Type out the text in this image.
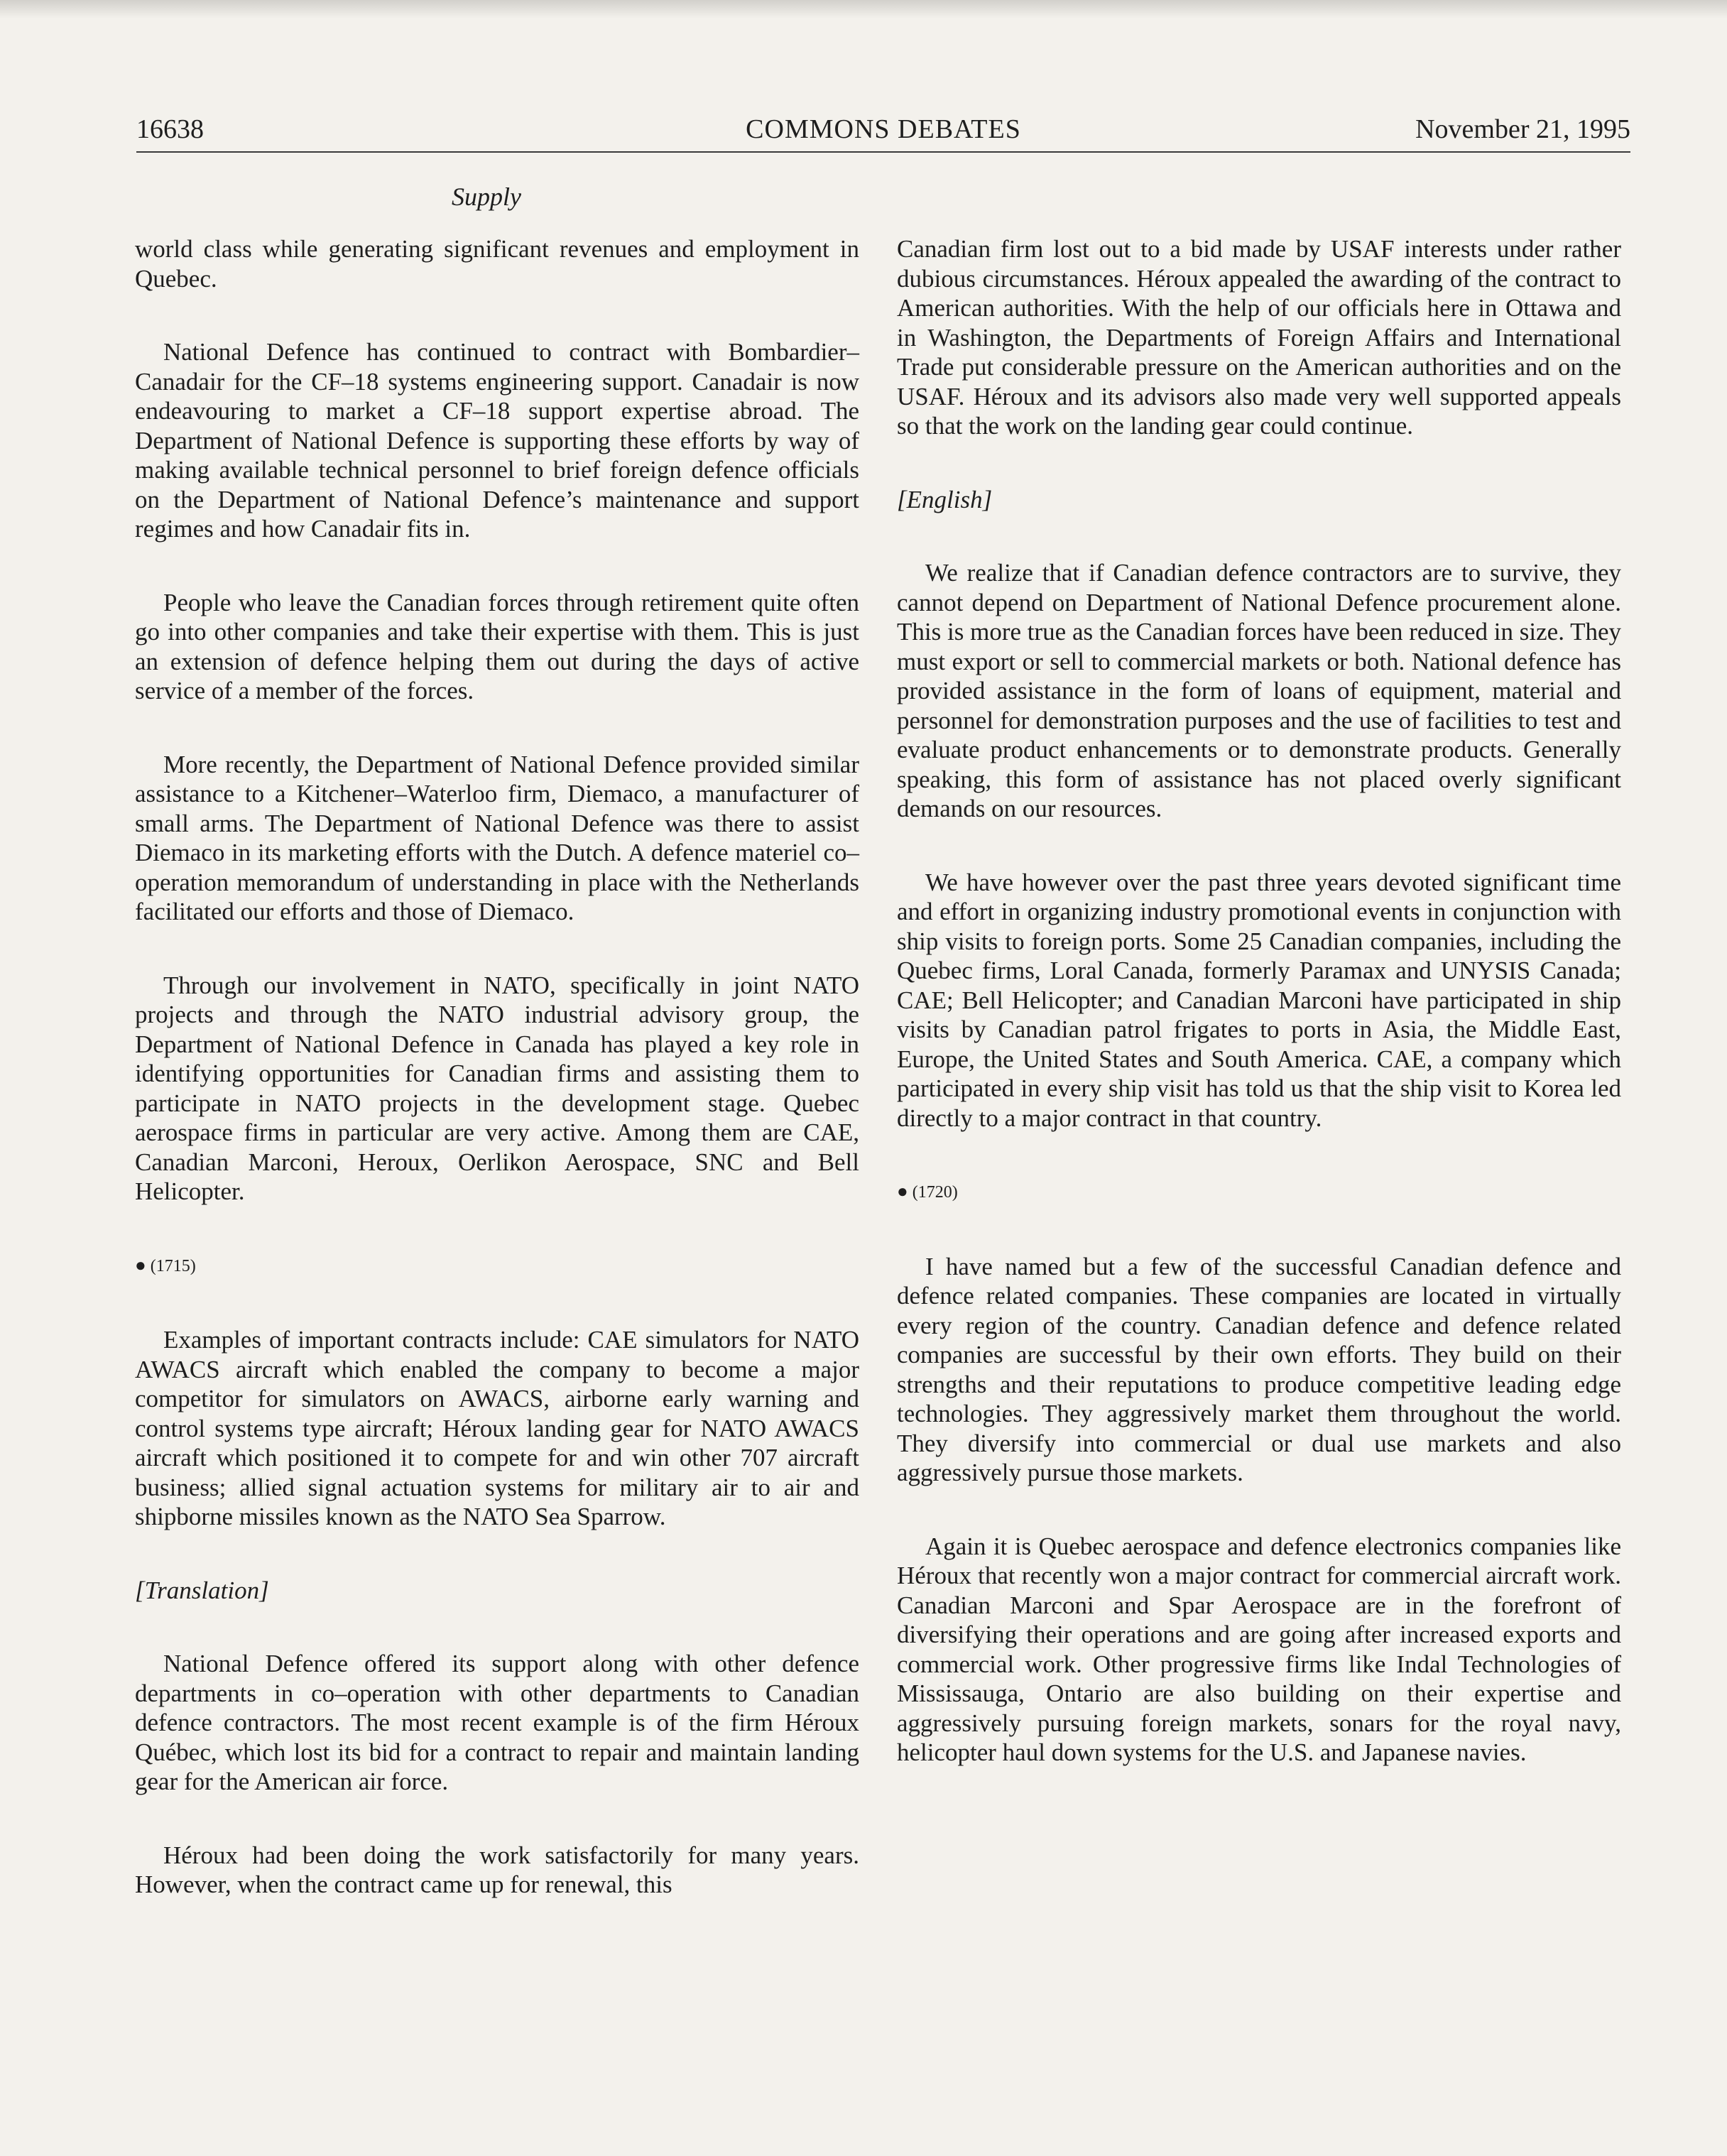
COMMONS DEBATES
16638	November 21, 1995
Supply

world class while generating significant revenues and employment in Quebec.

National Defence has continued to contract with Bombardier–Canadair for the CF–18 systems engineering support. Canadair is now endeavouring to market a CF–18 support expertise abroad. The Department of National Defence is supporting these efforts by way of making available technical personnel to brief foreign defence officials on the Department of National Defence’s maintenance and support regimes and how Canadair fits in.

People who leave the Canadian forces through retirement quite often go into other companies and take their expertise with them. This is just an extension of defence helping them out during the days of active service of a member of the forces.

More recently, the Department of National Defence provided similar assistance to a Kitchener–Waterloo firm, Diemaco, a manufacturer of small arms. The Department of National Defence was there to assist Diemaco in its marketing efforts with the Dutch. A defence materiel co–operation memorandum of understanding in place with the Netherlands facilitated our efforts and those of Diemaco.

Through our involvement in NATO, specifically in joint NATO projects and through the NATO industrial advisory group, the Department of National Defence in Canada has played a key role in identifying opportunities for Canadian firms and assisting them to participate in NATO projects in the development stage. Quebec aerospace firms in particular are very active. Among them are CAE, Canadian Marconi, Heroux, Oerlikon Aerospace, SNC and Bell Helicopter.

● (1715)

Examples of important contracts include: CAE simulators for NATO AWACS aircraft which enabled the company to become a major competitor for simulators on AWACS, airborne early warning and control systems type aircraft; Héroux landing gear for NATO AWACS aircraft which positioned it to compete for and win other 707 aircraft business; allied signal actuation systems for military air to air and shipborne missiles known as the NATO Sea Sparrow.

[Translation]

National Defence offered its support along with other defence departments in co–operation with other departments to Canadian defence contractors. The most recent example is of the firm Héroux Québec, which lost its bid for a contract to repair and maintain landing gear for the American air force.

Héroux had been doing the work satisfactorily for many years. However, when the contract came up for renewal, this

Canadian firm lost out to a bid made by USAF interests under rather dubious circumstances. Héroux appealed the awarding of the contract to American authorities. With the help of our officials here in Ottawa and in Washington, the Departments of Foreign Affairs and International Trade put considerable pressure on the American authorities and on the USAF. Héroux and its advisors also made very well supported appeals so that the work on the landing gear could continue.

[English]

We realize that if Canadian defence contractors are to survive, they cannot depend on Department of National Defence procurement alone. This is more true as the Canadian forces have been reduced in size. They must export or sell to commercial markets or both. National defence has provided assistance in the form of loans of equipment, material and personnel for demonstration purposes and the use of facilities to test and evaluate product enhancements or to demonstrate products. Generally speaking, this form of assistance has not placed overly significant demands on our resources.

We have however over the past three years devoted significant time and effort in organizing industry promotional events in conjunction with ship visits to foreign ports. Some 25 Canadian companies, including the Quebec firms, Loral Canada, formerly Paramax and UNYSIS Canada; CAE; Bell Helicopter; and Canadian Marconi have participated in ship visits by Canadian patrol frigates to ports in Asia, the Middle East, Europe, the United States and South America. CAE, a company which participated in every ship visit has told us that the ship visit to Korea led directly to a major contract in that country.

● (1720)

I have named but a few of the successful Canadian defence and defence related companies. These companies are located in virtually every region of the country. Canadian defence and defence related companies are successful by their own efforts. They build on their strengths and their reputations to produce competitive leading edge technologies. They aggressively market them throughout the world. They diversify into commercial or dual use markets and also aggressively pursue those markets.

Again it is Quebec aerospace and defence electronics companies like Héroux that recently won a major contract for commercial aircraft work. Canadian Marconi and Spar Aerospace are in the forefront of diversifying their operations and are going after increased exports and commercial work. Other progressive firms like Indal Technologies of Mississauga, Ontario are also building on their expertise and aggressively pursuing foreign markets, sonars for the royal navy, helicopter haul down systems for the U.S. and Japanese navies.
